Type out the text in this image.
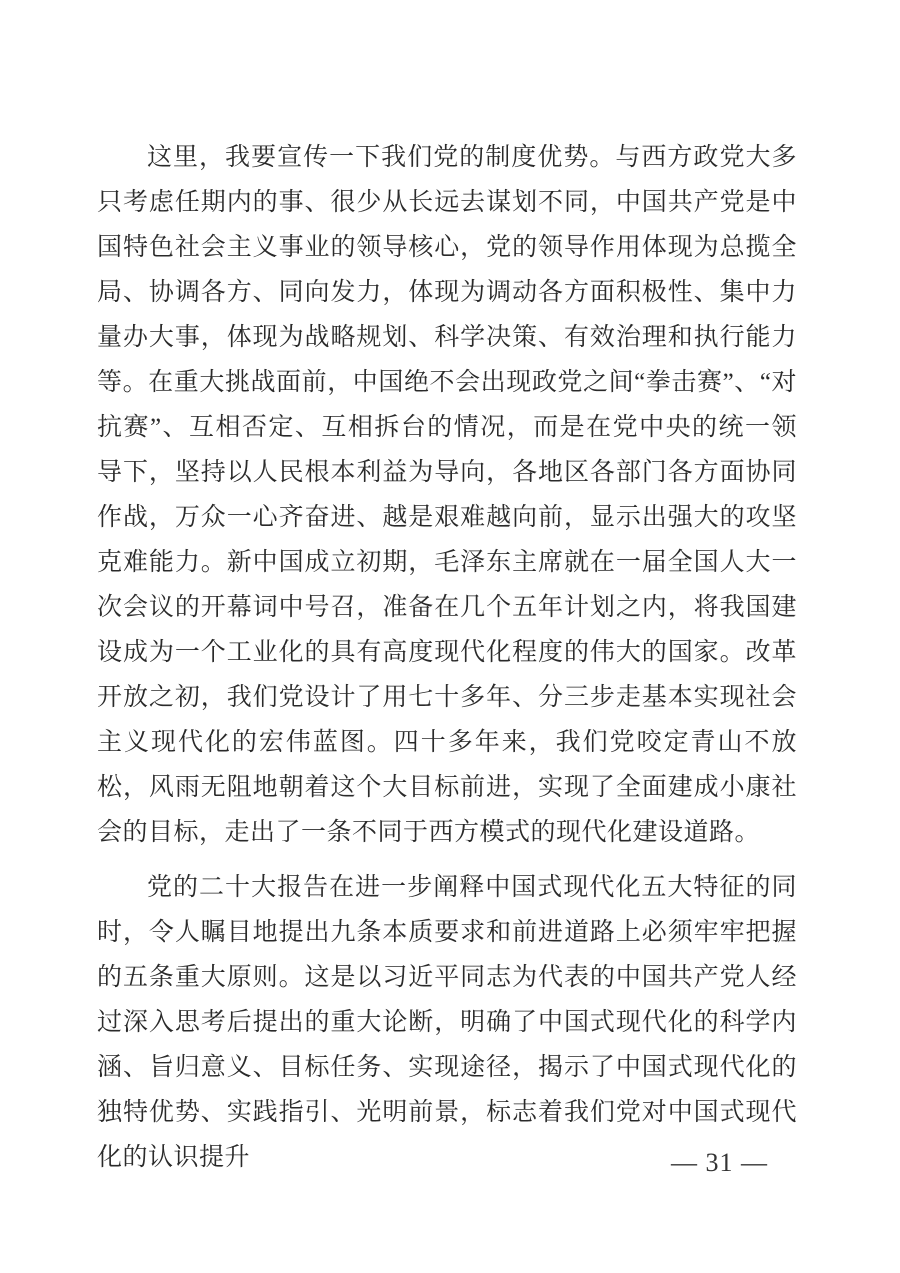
这里，我要宣传一下我们党的制度优势。与西方政党大多只考虑任期内的事、很少从长远去谋划不同，中国共产党是中国特色社会主义事业的领导核心，党的领导作用体现为总揽全局、协调各方、同向发力，体现为调动各方面积极性、集中力量办大事，体现为战略规划、科学决策、有效治理和执行能力等。在重大挑战面前，中国绝不会出现政党之间“拳击赛”、“对抗赛”、互相否定、互相拆台的情况，而是在党中央的统一领导下，坚持以人民根本利益为导向，各地区各部门各方面协同作战，万众一心齐奋进、越是艰难越向前，显示出强大的攻坚克难能力。新中国成立初期，毛泽东主席就在一届全国人大一次会议的开幕词中号召，准备在几个五年计划之内，将我国建设成为一个工业化的具有高度现代化程度的伟大的国家。改革开放之初，我们党设计了用七十多年、分三步走基本实现社会主义现代化的宏伟蓝图。四十多年来，我们党咬定青山不放松，风雨无阻地朝着这个大目标前进，实现了全面建成小康社会的目标，走出了一条不同于西方模式的现代化建设道路。

党的二十大报告在进一步阐释中国式现代化五大特征的同时，令人瞩目地提出九条本质要求和前进道路上必须牢牢把握的五条重大原则。这是以习近平同志为代表的中国共产党人经过深入思考后提出的重大论断，明确了中国式现代化的科学内涵、旨归意义、目标任务、实现途径，揭示了中国式现代化的独特优势、实践指引、光明前景，标志着我们党对中国式现代化的认识提升	— 31 —
